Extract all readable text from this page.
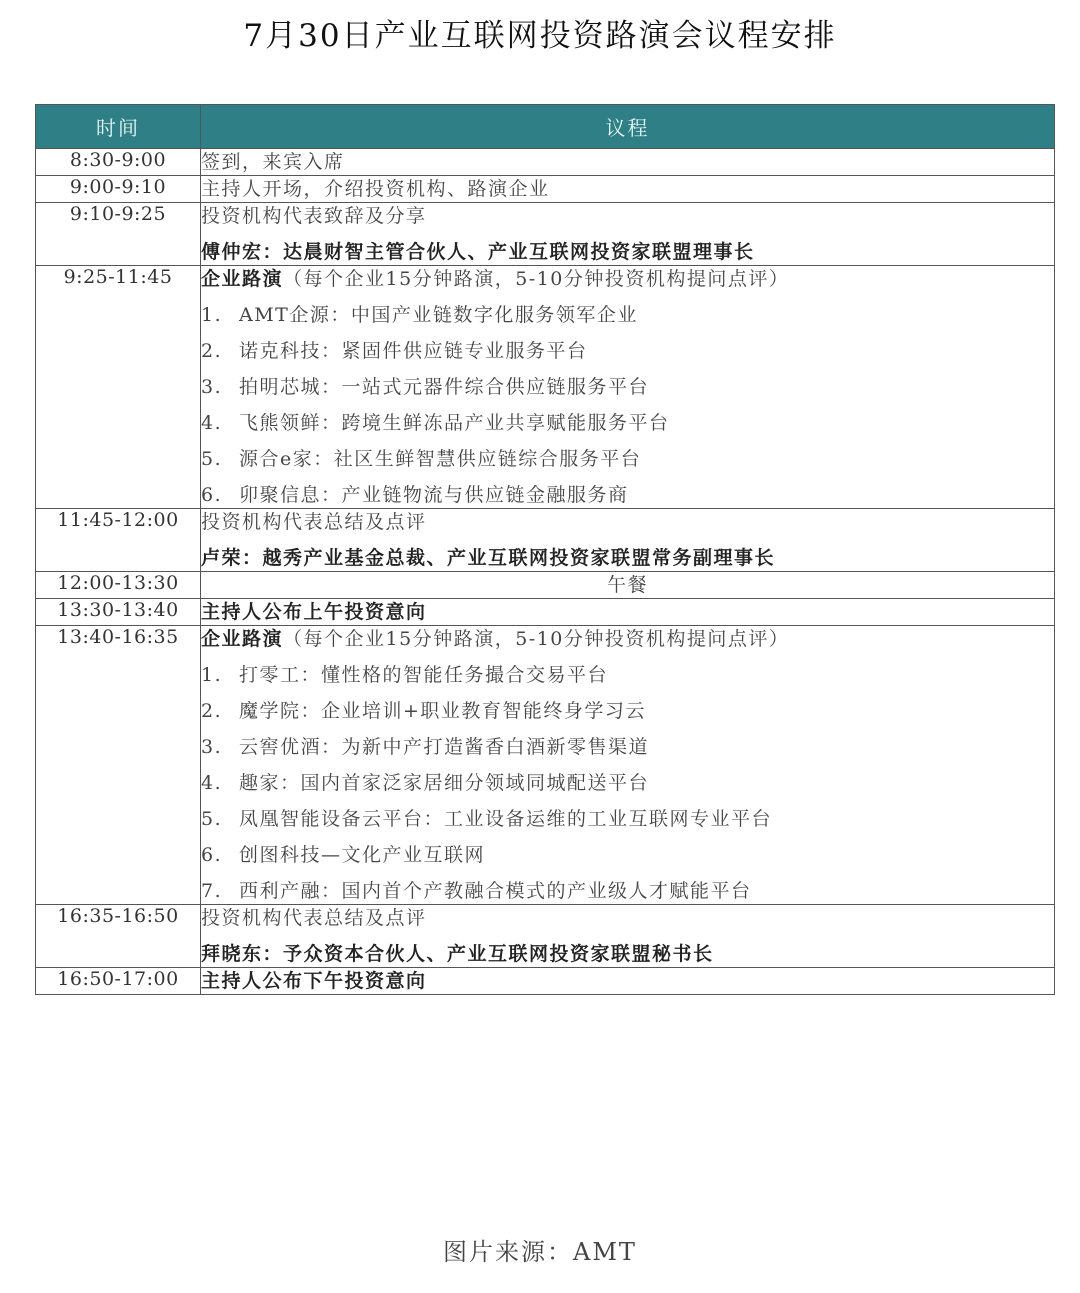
7月30日产业互联网投资路演会议程安排
时间	议程
8:30-9:00	签到，来宾入席

9:00-9:10	主持人开场，介绍投资机构、路演企业

9:10-9:25	投资机构代表致辞及分享
傅仲宏：达晨财智主管合伙人、产业互联网投资家联盟理事长

9:25-11:45	企业路演（每个企业15分钟路演，5-10分钟投资机构提问点评）
1. AMT企源：中国产业链数字化服务领军企业
2. 诺克科技：紧固件供应链专业服务平台
3. 拍明芯城：一站式元器件综合供应链服务平台
4. 飞熊领鲜：跨境生鲜冻品产业共享赋能服务平台
5. 源合e家：社区生鲜智慧供应链综合服务平台
6. 卯聚信息：产业链物流与供应链金融服务商

11:45-12:00	投资机构代表总结及点评
卢荣：越秀产业基金总裁、产业互联网投资家联盟常务副理事长

12:00-13:30	午餐

13:30-13:40	主持人公布上午投资意向

13:40-16:35	企业路演（每个企业15分钟路演，5-10分钟投资机构提问点评）
1. 打零工：懂性格的智能任务撮合交易平台
2. 魔学院：企业培训+职业教育智能终身学习云
3. 云窖优酒：为新中产打造酱香白酒新零售渠道
4. 趣家：国内首家泛家居细分领域同城配送平台
5. 凤凰智能设备云平台：工业设备运维的工业互联网专业平台
6. 创图科技—文化产业互联网
7. 西利产融：国内首个产教融合模式的产业级人才赋能平台

16:35-16:50	投资机构代表总结及点评
拜晓东：予众资本合伙人、产业互联网投资家联盟秘书长

16:50-17:00	主持人公布下午投资意向
图片来源：AMT
